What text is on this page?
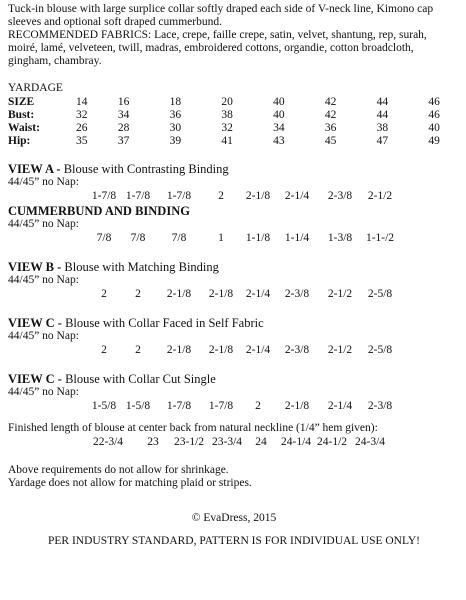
Tuck-in blouse with large surplice collar softly draped each side of V-neck line, Kimono cap
sleeves and optional soft draped cummerbund.
RECOMMENDED FABRICS: Lace, crepe, faille crepe, satin, velvet, shantung, rep, surah,
moiré, lamé, velveteen, twill, madras, embroidered cottons, organdie, cotton broadcloth,
gingham, chambray.

YARDAGE

SIZE	14	16	18	20	40	42	44	46
Bust:	32	34	36	38	40	42	44	46
Waist:	26	28	30	32	34	36	38	40
Hip:	35	37	39	41	43	45	47	49

VIEW A - Blouse with Contrasting Binding

44/45” no Nap:

1-7/8 1-7/8 1-7/8 2 2-1/8 2-1/4 2-3/8 2-1/2

CUMMERBUND AND BINDING

44/45” no Nap:

7/8 7/8 7/8	1 1-1/8 1-1/4 1-3/8 1-1-/2

VIEW B - Blouse with Matching Binding

44/45” no Nap:

2 2 2-1/8 2-1/8 2-1/4 2-3/8 2-1/2 2-5/8

VIEW C - Blouse with Collar Faced in Self Fabric

44/45” no Nap:

2 2 2-1/8 2-1/8 2-1/4 2-3/8 2-1/2 2-5/8

VIEW C - Blouse with Collar Cut Single

44/45” no Nap:

1-5/8 1-5/8 1-7/8 1-7/8 2 2-1/8 2-1/4 2-3/8

Finished length of blouse at center back from natural neckline (1/4” hem given):

22-3/4 23 23-1/2 23-3/4 24 24-1/4 24-1/2 24-3/4

Above requirements do not allow for shrinkage.

Yardage does not allow for matching plaid or stripes.

© EvaDress, 2015

PER INDUSTRY STANDARD, PATTERN IS FOR INDIVIDUAL USE ONLY!
